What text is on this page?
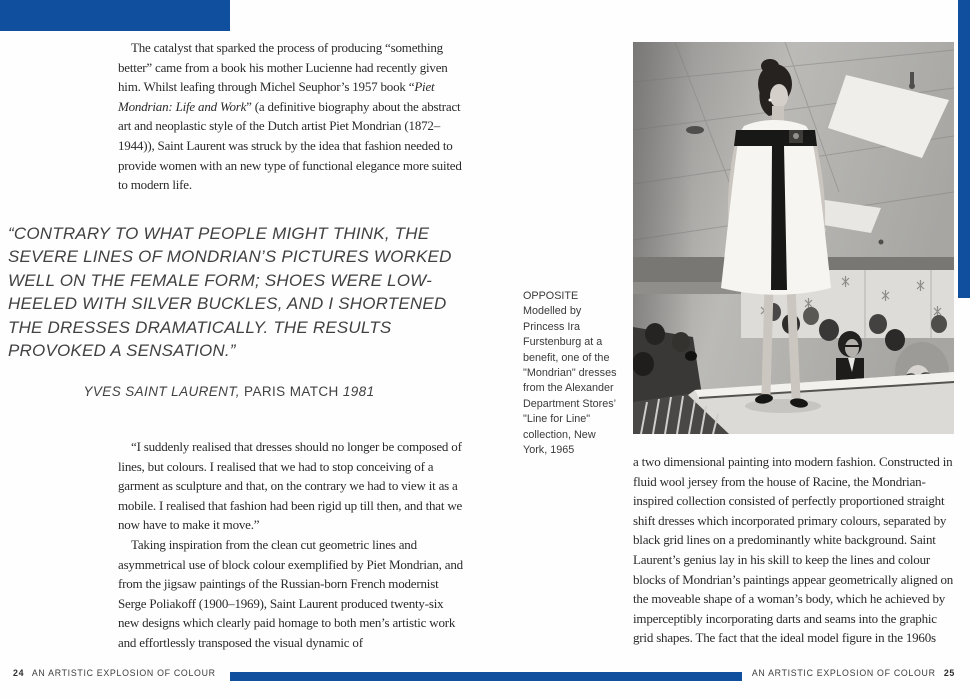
The catalyst that sparked the process of producing “something better” came from a book his mother Lucienne had recently given him. Whilst leafing through Michel Seuphor’s 1957 book “Piet Mondrian: Life and Work” (a definitive biography about the abstract art and neoplastic style of the Dutch artist Piet Mondrian (1872–1944)), Saint Laurent was struck by the idea that fashion needed to provide women with an new type of functional elegance more suited to modern life.

“CONTRARY TO WHAT PEOPLE MIGHT THINK, THE SEVERE LINES OF MONDRIAN’S PICTURES WORKED WELL ON THE FEMALE FORM; SHOES WERE LOW-HEELED WITH SILVER BUCKLES, AND I SHORTENED THE DRESSES DRAMATICALLY. THE RESULTS PROVOKED A SENSATION.”
YVES SAINT LAURENT, PARIS MATCH 1981

“I suddenly realised that dresses should no longer be composed of lines, but colours. I realised that we had to stop conceiving of a garment as sculpture and that, on the contrary we had to view it as a mobile. I realised that fashion had been rigid up till then, and that we now have to make it move.”

Taking inspiration from the clean cut geometric lines and asymmetrical use of block colour exemplified by Piet Mondrian, and from the jigsaw paintings of the Russian-born French modernist Serge Poliakoff (1900–1969), Saint Laurent produced twenty-six new designs which clearly paid homage to both men’s artistic work and effortlessly transposed the visual dynamic of

OPPOSITE Modelled by Princess Ira Furstenburg at a benefit, one of the "Mondrian" dresses from the Alexander Department Stores’ "Line for Line" collection, New York, 1965

a two dimensional painting into modern fashion. Constructed in fluid wool jersey from the house of Racine, the Mondrian-inspired collection consisted of perfectly proportioned straight shift dresses which incorporated primary colours, separated by black grid lines on a predominantly white background. Saint Laurent’s genius lay in his skill to keep the lines and colour blocks of Mondrian’s paintings appear geometrically aligned on the moveable shape of a woman’s body, which he achieved by imperceptibly incorporating darts and seams into the graphic grid shapes. The fact that the ideal model figure in the 1960s

24 AN ARTISTIC EXPLOSION OF COLOUR	AN ARTISTIC EXPLOSION OF COLOUR 25
